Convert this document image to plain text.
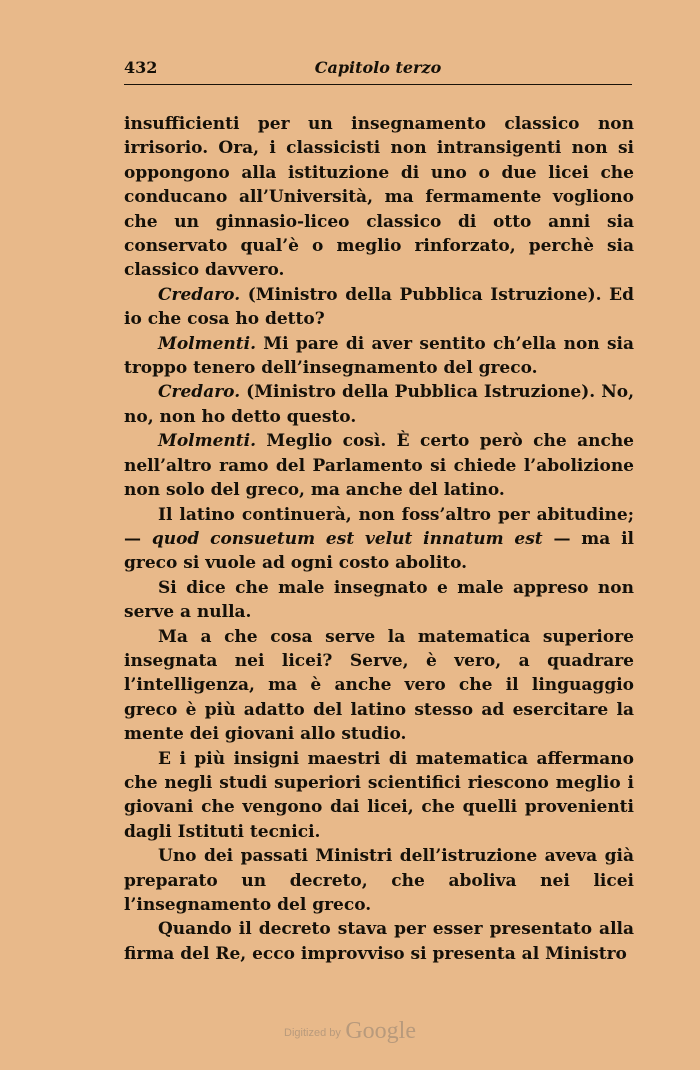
432	Capitolo terzo

insufficienti per un insegnamento classico non irrisorio. Ora, i classicisti non intransigenti non si oppongono alla istituzione di uno o due licei che conducano all’Università, ma fermamente vogliono che un ginnasio-liceo classico di otto anni sia conservato qual’è o meglio rinforzato, perchè sia classico davvero.

Credaro. (Ministro della Pubblica Istruzione). Ed io che cosa ho detto?

Molmenti. Mi pare di aver sentito ch’ella non sia troppo tenero dell’insegnamento del greco.

Credaro. (Ministro della Pubblica Istruzione). No, no, non ho detto questo.

Molmenti. Meglio così. È certo però che anche nell’altro ramo del Parlamento si chiede l’abolizione non solo del greco, ma anche del latino.

Il latino continuerà, non foss’altro per abitudine; — quod consuetum est velut innatum est — ma il greco si vuole ad ogni costo abolito.

Si dice che male insegnato e male appreso non serve a nulla.

Ma a che cosa serve la matematica superiore insegnata nei licei? Serve, è vero, a quadrare l’intelligenza, ma è anche vero che il linguaggio greco è più adatto del latino stesso ad esercitare la mente dei giovani allo studio.

E i più insigni maestri di matematica affermano che negli studi superiori scientifici riescono meglio i giovani che vengono dai licei, che quelli provenienti dagli Istituti tecnici.

Uno dei passati Ministri dell’istruzione aveva già preparato un decreto, che aboliva nei licei l’insegnamento del greco.

Quando il decreto stava per esser presentato alla firma del Re, ecco improvviso si presenta al Ministro

Digitized by Google
